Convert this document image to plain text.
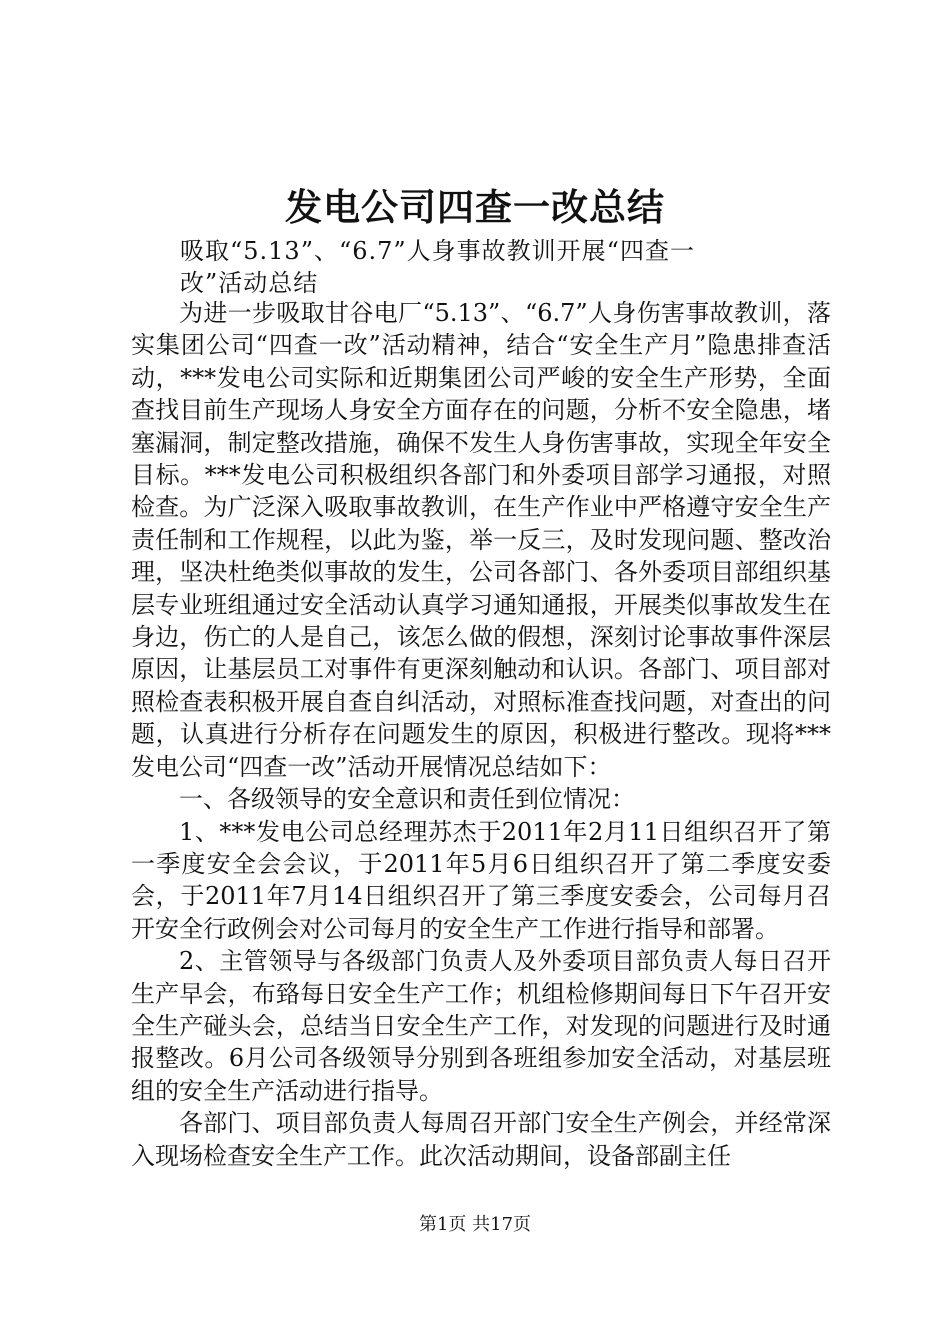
发电公司四查一改总结
吸取“5.13”、“6.7”人身事故教训开展“四查一改”活动总结

为进一步吸取甘谷电厂“5.13”、“6.7”人身伤害事故教训，落实集团公司“四查一改”活动精神，结合“安全生产月”隐患排查活动，***发电公司实际和近期集团公司严峻的安全生产形势，全面查找目前生产现场人身安全方面存在的问题，分析不安全隐患，堵塞漏洞，制定整改措施，确保不发生人身伤害事故，实现全年安全目标。***发电公司积极组织各部门和外委项目部学习通报，对照检查。为广泛深入吸取事故教训，在生产作业中严格遵守安全生产责任制和工作规程，以此为鉴，举一反三，及时发现问题、整改治理，坚决杜绝类似事故的发生，公司各部门、各外委项目部组织基层专业班组通过安全活动认真学习通知通报，开展类似事故发生在身边，伤亡的人是自己，该怎么做的假想，深刻讨论事故事件深层原因，让基层员工对事件有更深刻触动和认识。各部门、项目部对照检查表积极开展自查自纠活动，对照标准查找问题，对查出的问题，认真进行分析存在问题发生的原因，积极进行整改。现将***发电公司“四查一改”活动开展情况总结如下：

一、各级领导的安全意识和责任到位情况：

1、***发电公司总经理苏杰于2011年2月11日组织召开了第一季度安全会会议，于2011年5月6日组织召开了第二季度安委会，于2011年7月14日组织召开了第三季度安委会，公司每月召开安全行政例会对公司每月的安全生产工作进行指导和部署。

2、主管领导与各级部门负责人及外委项目部负责人每日召开生产早会，布臵每日安全生产工作；机组检修期间每日下午召开安全生产碰头会，总结当日安全生产工作，对发现的问题进行及时通报整改。6月公司各级领导分别到各班组参加安全活动，对基层班组的安全生产活动进行指导。

各部门、项目部负责人每周召开部门安全生产例会，并经常深入现场检查安全生产工作。此次活动期间，设备部副主任

第1页 共17页
